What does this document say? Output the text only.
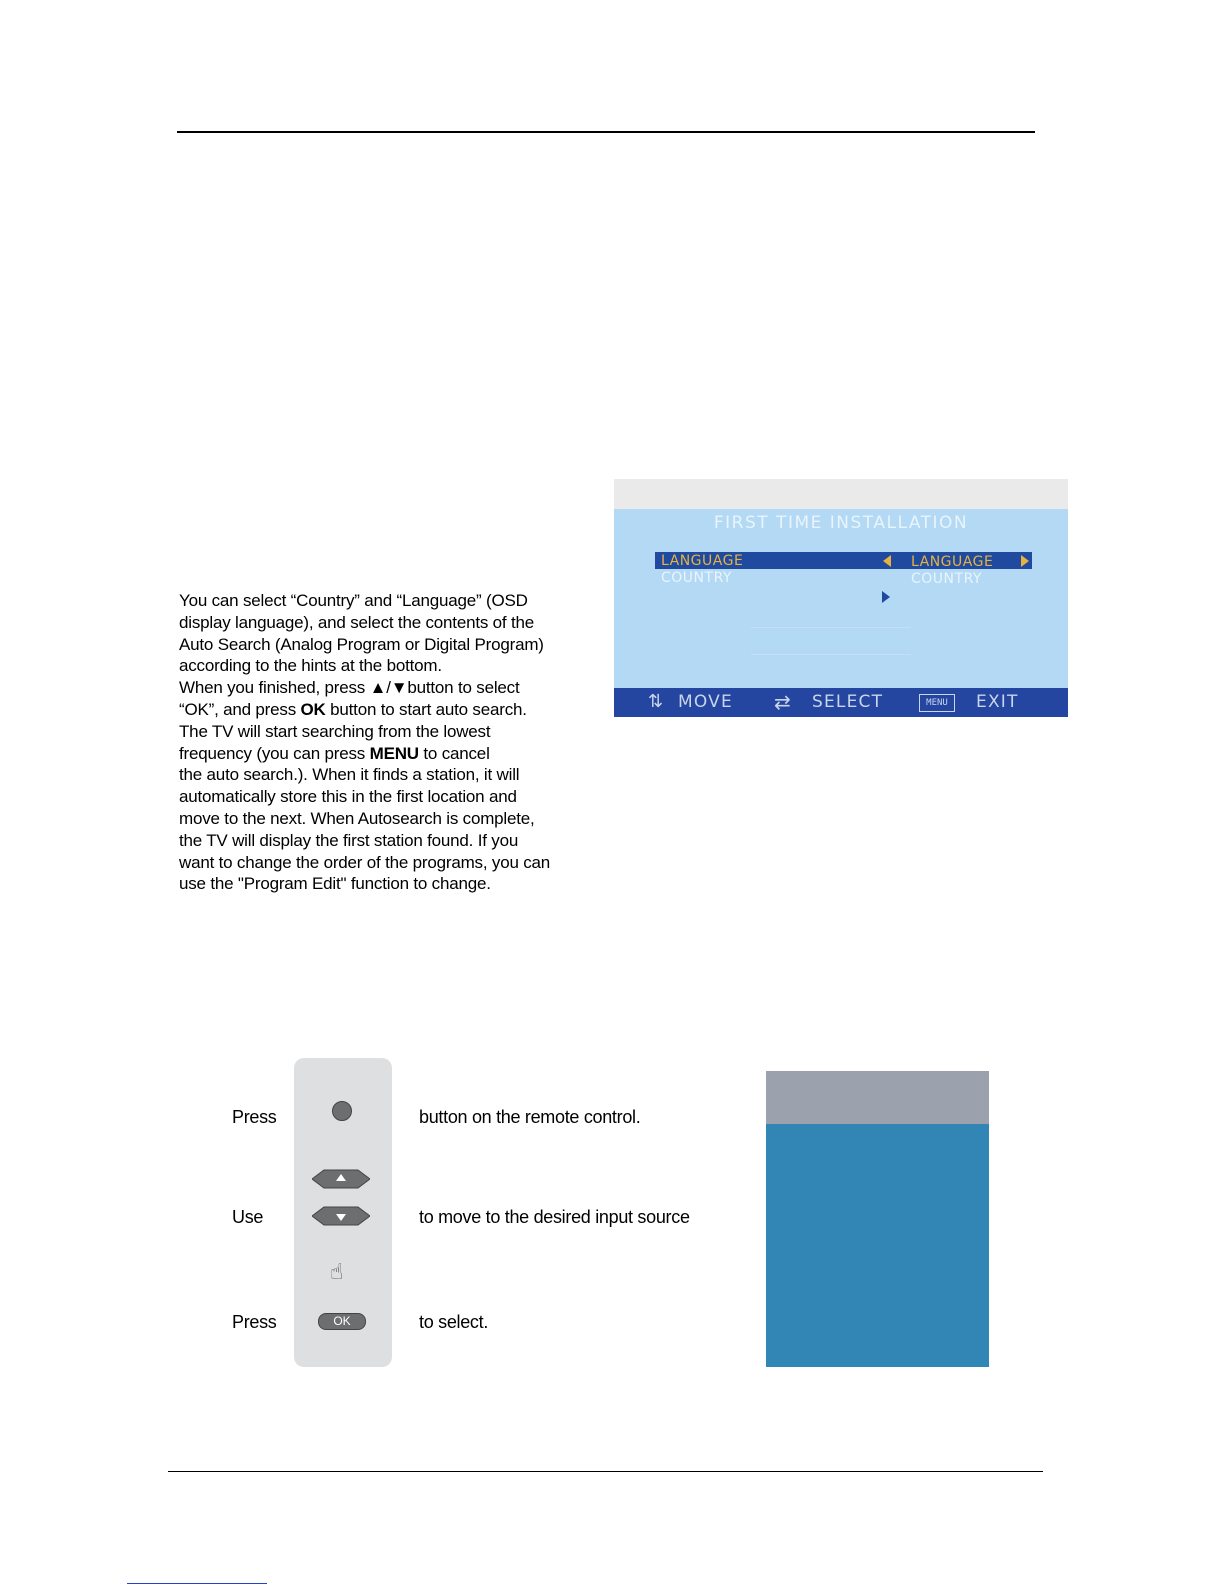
You can select “Country” and “Language” (OSD

display language), and select the contents of the

Auto Search (Analog Program or Digital Program)

according to the hints at the bottom.

When you finished, press ▲/▼button to select

“OK”, and press OK button to start auto search.

The TV will start searching from the lowest

frequency (you can press MENU to cancel

the auto search.). When it finds a station, it will

automatically store this in the first location and

move to the next. When Autosearch is complete,

the TV will display the first station found. If you

want to change the order of the programs, you can

use the "Program Edit" function to change.

FIRST TIME INSTALLATION
LANGUAGE	LANGUAGE
COUNTRY	COUNTRY
⇅ MOVE ⇄ SELECT	MENU	EXIT
☝
OK
Press
Use
Press
button on the remote control.
to move to the desired input source
to select.
